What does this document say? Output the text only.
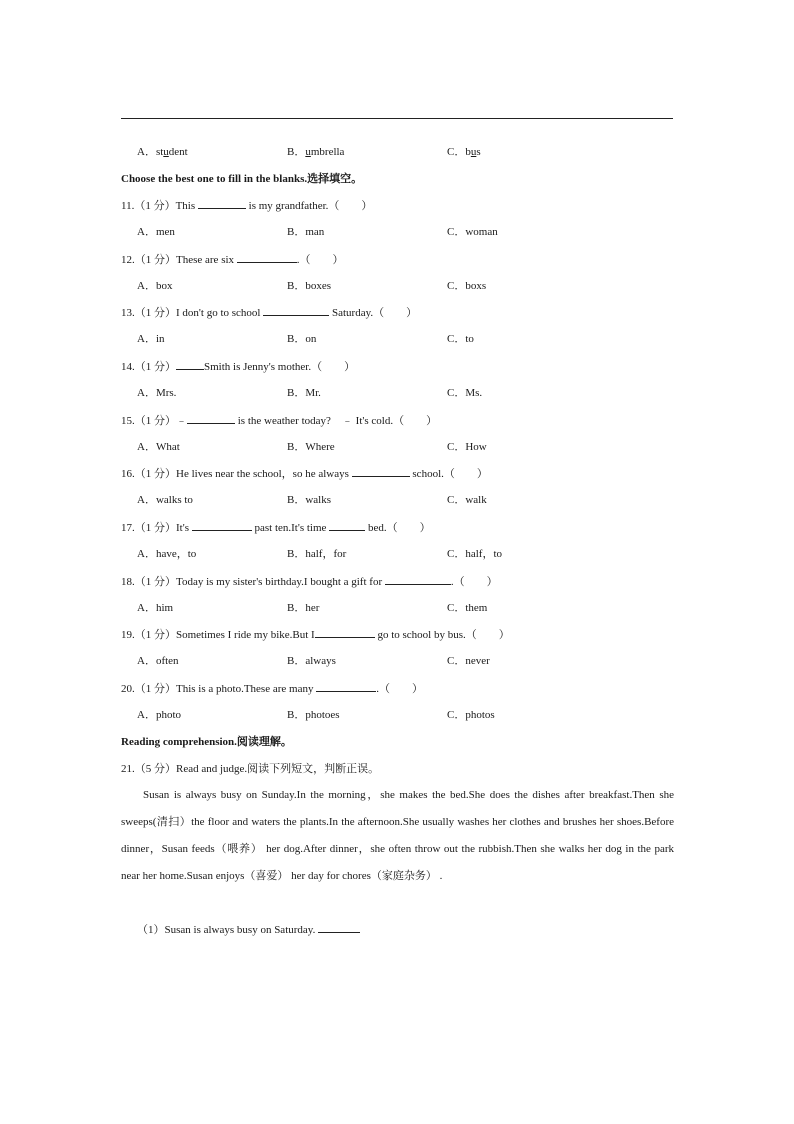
A．student	B．umbrella	C．bus
Choose the best one to fill in the blanks.选择填空。
11.（1 分）This	is my grandfather.（　　）
A．men	B．man	C．woman
12.（1 分）These are six	.（　　）
A．box	B．boxes	C．boxs
13.（1 分）I don't go to school	Saturday.（　　）
A．in	B．on	C．to
14.（1 分）	Smith is Jenny's mother.（　　）
A．Mrs.	B．Mr.	C．Ms.
15.（1 分）﹣	is the weather today?　﹣ It's cold.（　　）
A．What	B．Where	C．How
16.（1 分）He lives near the school，so he always	school.（　　）
A．walks to	B．walks	C．walk
17.（1 分）It's	past ten.It's time	bed.（　　）
A．have，to	B．half，for	C．half，to
18.（1 分）Today is my sister's birthday.I bought a gift for	.（　　）
A．him	B．her	C．them
19.（1 分）Sometimes I ride my bike.But I	go to school by bus.（　　）
A．often	B．always	C．never
20.（1 分）This is a photo.These are many	.（　　）
A．photo	B．photoes	C．photos
Reading comprehension.阅读理解。
21.（5 分）Read and judge.阅读下列短文，判断正误。
Susan is always busy on Sunday.In the morning，she makes the bed.She does the dishes after breakfast.Then she sweeps(清扫）the floor and waters the plants.In the afternoon.She usually washes her clothes and brushes her shoes.Before dinner，Susan feeds（喂养） her dog.After dinner，she often throw out the rubbish.Then she walks her dog in the park near her home.Susan enjoys（喜爱） her day for chores（家庭杂务） .
（1）Susan is always busy on Saturday.
